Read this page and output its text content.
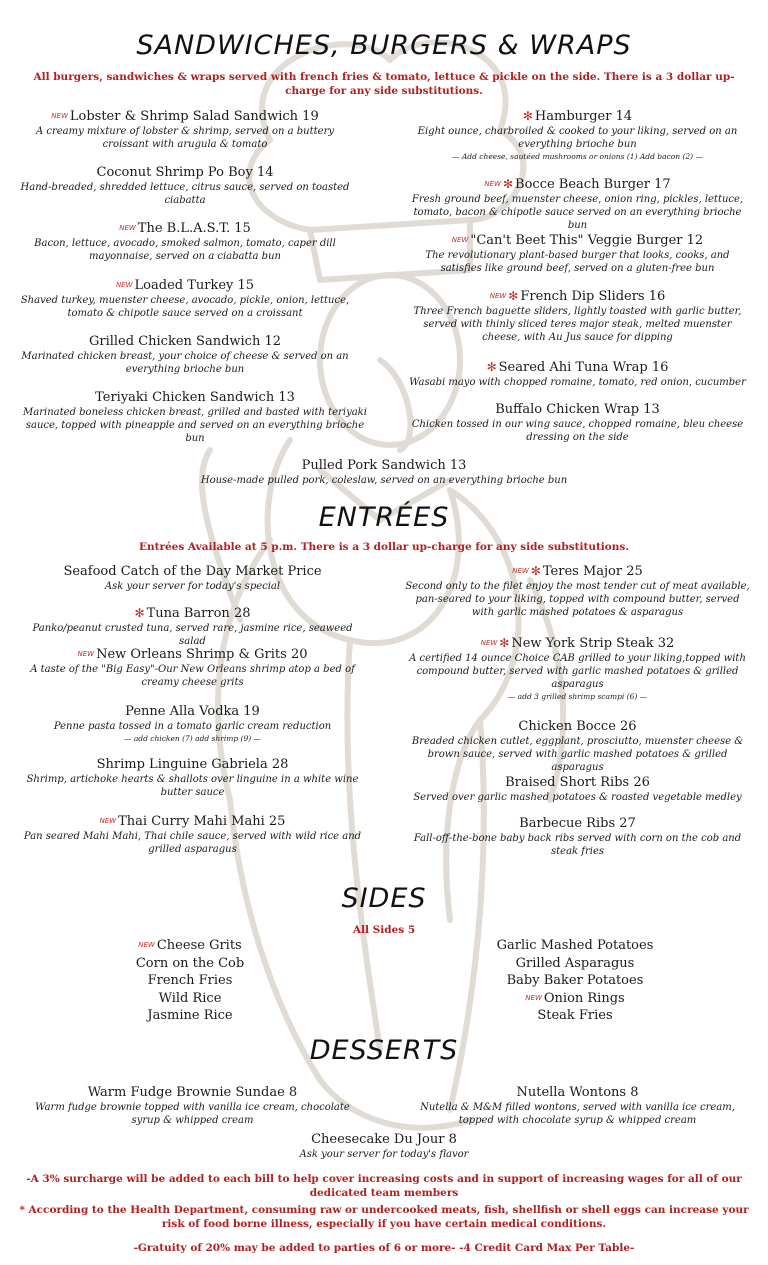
SANDWICHES, BURGERS & WRAPS
All burgers, sandwiches & wraps served with french fries & tomato, lettuce & pickle on the side. There is a 3 dollar up-charge for any side substitutions.
NEW Lobster & Shrimp Salad Sandwich 19
A creamy mixture of lobster & shrimp, served on a buttery croissant with arugula & tomato
Coconut Shrimp Po Boy 14
Hand-breaded, shredded lettuce, citrus sauce, served on toasted ciabatta
NEW The B.L.A.S.T. 15
Bacon, lettuce, avocado, smoked salmon, tomato, caper dill mayonnaise, served on a ciabatta bun
NEW Loaded Turkey 15
Shaved turkey, muenster cheese, avocado, pickle, onion, lettuce, tomato & chipotle sauce served on a croissant
Grilled Chicken Sandwich 12
Marinated chicken breast, your choice of cheese & served on an everything brioche bun
Teriyaki Chicken Sandwich 13
Marinated boneless chicken breast, grilled and basted with teriyaki sauce, topped with pineapple and served on an everything brioche bun
✻ Hamburger 14
Eight ounce, charbroiled & cooked to your liking, served on an everything brioche bun
— Add cheese, sautéed mushrooms or onions (1) Add bacon (2) —
NEW ✻ Bocce Beach Burger 17
Fresh ground beef, muenster cheese, onion ring, pickles, lettuce, tomato, bacon & chipotle sauce served on an everything brioche bun
NEW "Can't Beet This" Veggie Burger 12
The revolutionary plant-based burger that looks, cooks, and satisfies like ground beef, served on a gluten-free bun
NEW ✻ French Dip Sliders 16
Three French baguette sliders, lightly toasted with garlic butter, served with thinly sliced teres major steak, melted muenster cheese, with Au Jus sauce for dipping
✻ Seared Ahi Tuna Wrap 16
Wasabi mayo with chopped romaine, tomato, red onion, cucumber
Buffalo Chicken Wrap 13
Chicken tossed in our wing sauce, chopped romaine, bleu cheese dressing on the side
Pulled Pork Sandwich 13
House-made pulled pork, coleslaw, served on an everything brioche bun
ENTRÉES
Entrées Available at 5 p.m. There is a 3 dollar up-charge for any side substitutions.
Seafood Catch of the Day Market Price
Ask your server for today's special
✻ Tuna Barron 28
Panko/peanut crusted tuna, served rare, jasmine rice, seaweed salad
NEW New Orleans Shrimp & Grits 20
A taste of the "Big Easy"-Our New Orleans shrimp atop a bed of creamy cheese grits
Penne Alla Vodka 19
Penne pasta tossed in a tomato garlic cream reduction
— add chicken (7) add shrimp (9) —
Shrimp Linguine Gabriela 28
Shrimp, artichoke hearts & shallots over linguine in a white wine butter sauce
NEW Thai Curry Mahi Mahi 25
Pan seared Mahi Mahi, Thai chile sauce, served with wild rice and grilled asparagus
NEW ✻ Teres Major 25
Second only to the filet enjoy the most tender cut of meat available, pan-seared to your liking, topped with compound butter, served with garlic mashed potatoes & asparagus
NEW ✻ New York Strip Steak 32
A certified 14 ounce Choice CAB grilled to your liking,topped with compound butter, served with garlic mashed potatoes & grilled asparagus
— add 3 grilled shrimp scampi (6) —
Chicken Bocce 26
Breaded chicken cutlet, eggplant, prosciutto, muenster cheese & brown sauce, served with garlic mashed potatoes & grilled asparagus
Braised Short Ribs 26
Served over garlic mashed potatoes & roasted vegetable medley
Barbecue Ribs 27
Fall-off-the-bone baby back ribs served with corn on the cob and steak fries
SIDES
All Sides 5
NEW Cheese Grits
Corn on the Cob
French Fries
Wild Rice
Jasmine Rice
Garlic Mashed Potatoes
Grilled Asparagus
Baby Baker Potatoes
NEW Onion Rings
Steak Fries
DESSERTS
Warm Fudge Brownie Sundae 8
Warm fudge brownie topped with vanilla ice cream, chocolate syrup & whipped cream
Nutella Wontons 8
Nutella & M&M filled wontons, served with vanilla ice cream, topped with chocolate syrup & whipped cream
Cheesecake Du Jour 8
Ask your server for today's flavor
-A 3% surcharge will be added to each bill to help cover increasing costs and in support of increasing wages for all of our dedicated team members
* According to the Health Department, consuming raw or undercooked meats, fish, shellfish or shell eggs can increase your risk of food borne illness, especially if you have certain medical conditions.
-Gratuity of 20% may be added to parties of 6 or more- -4 Credit Card Max Per Table-
